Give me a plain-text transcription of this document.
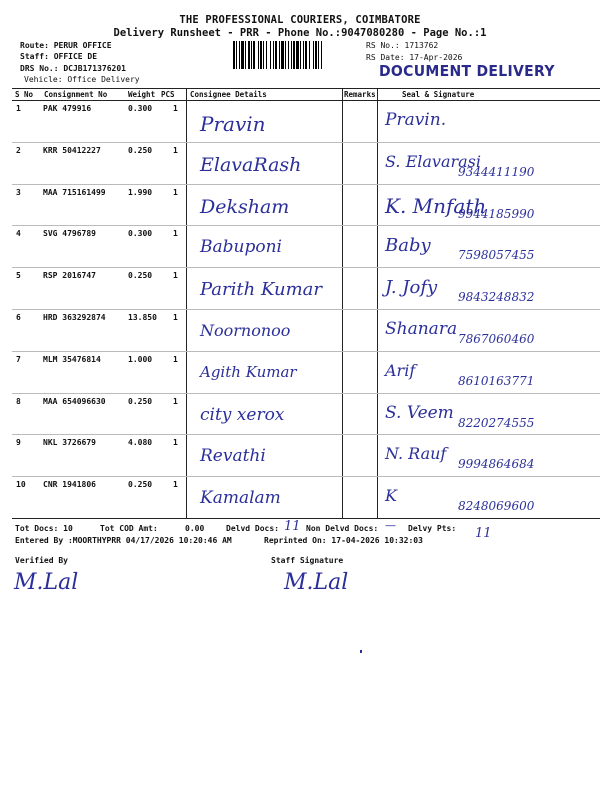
THE PROFESSIONAL COURIERS, COIMBATORE
Delivery Runsheet - PRR - Phone No.:9047080280 - Page No.:1
Route: PERUR OFFICE
Staff: OFFICE DE
DRS No.: DCJB171376201
Vehicle: Office Delivery
RS No.: 1713762
RS Date: 17-Apr-2026
DOCUMENT DELIVERY
S No Consignment No	Weight PCS Consignee Details	Remarks	Seal & Signature
1	PAK 479916	0.300	1
Pravin	Pravin.
2	KRR 50412227	0.250	1
ElavaRash	S. Elavarasi
9344411190
3	MAA 715161499	1.990	1
Deksham	K. Mnfath
9944185990
4	SVG 4796789	0.300	1
Babuponi	Baby 7598057455
5	RSP 2016747	0.250	1
Parith Kumar	J. Jofy 9843248832
6	HRD 363292874	13.850 1
Noornonoo	Shanara 7867060460
7	MLM 35476814	1.000	1
Agith Kumar	Arif
8610163771
8	MAA 654096630	0.250	1
city xerox	S. Veem 8220274555
9	NKL 3726679	4.080	1
Revathi	N. Rauf
9994864684
10 CNR 1941806	0.250	1
Kamalam	K
8248069600
Tot Docs: 10	Tot COD Amt:	0.00	Delvd Docs: 11 Non Delvd Docs: — Delvy Pts: 11
Entered By :MOORTHYPRR 04/17/2026 10:20:46 AM	Reprinted On: 17-04-2026 10:32:03
Verified By	Staff Signature
M.Lal	M.Lal
